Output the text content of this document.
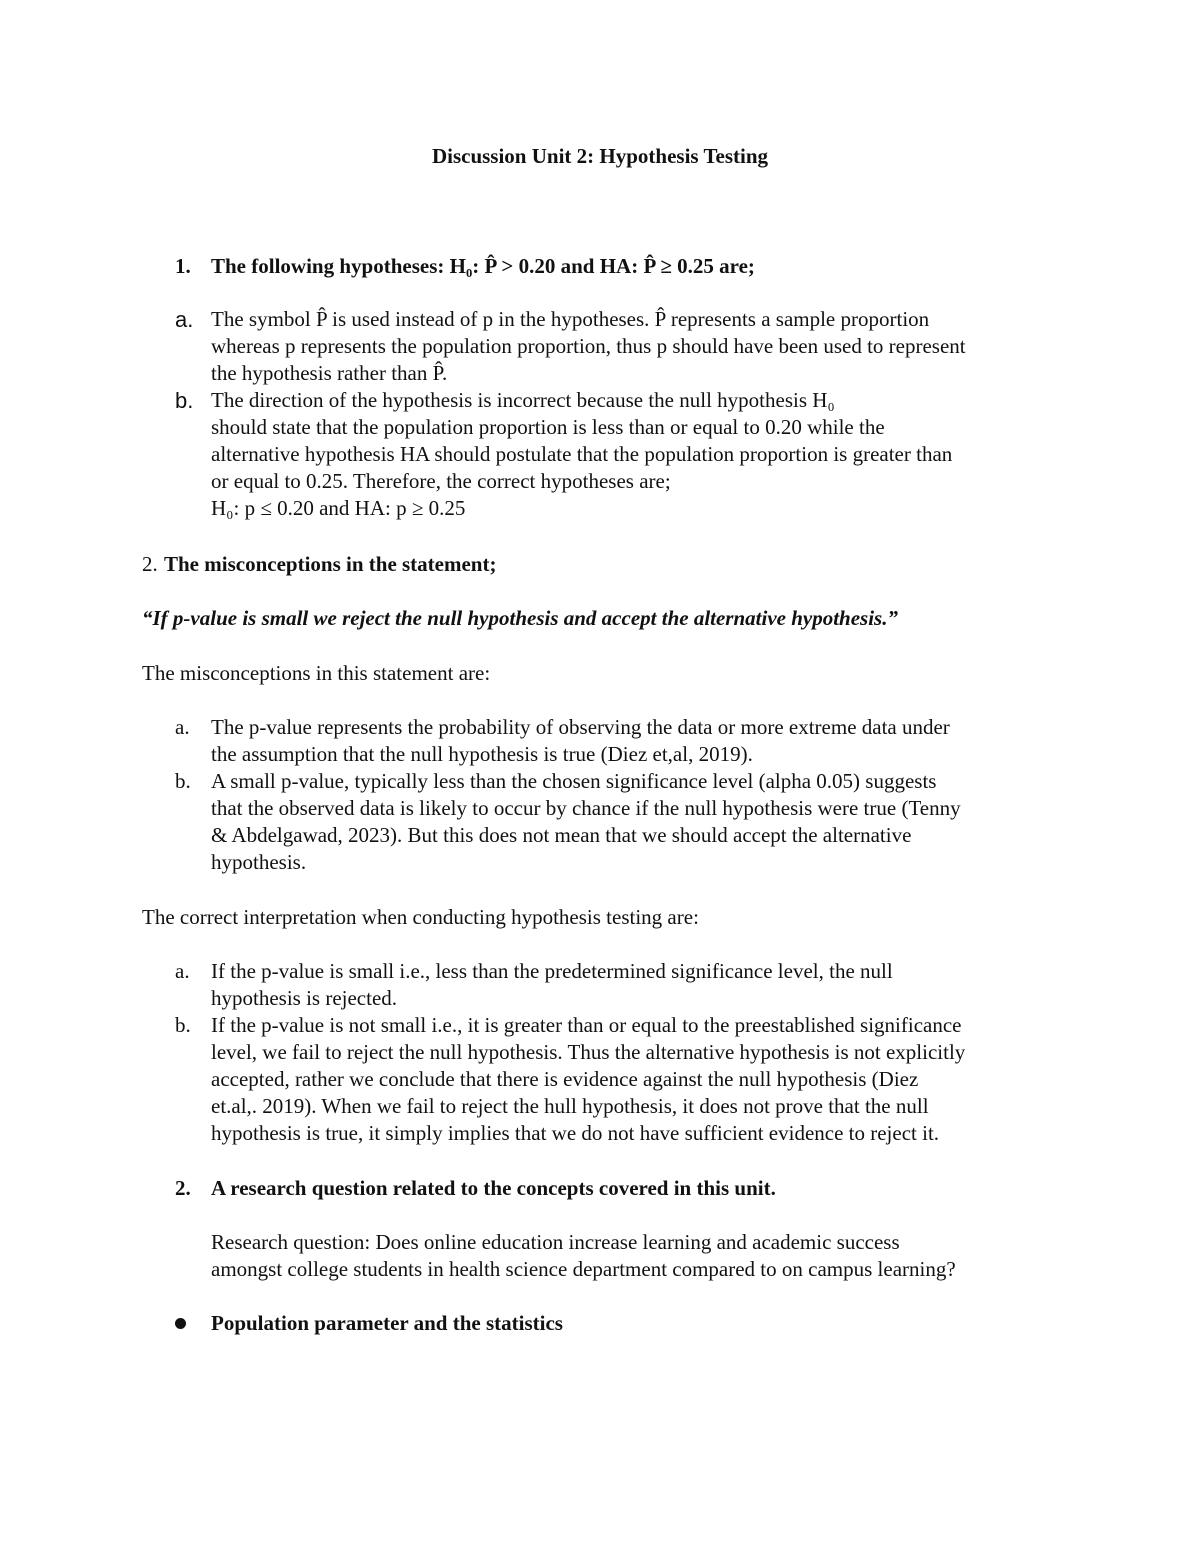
Discussion Unit 2: Hypothesis Testing
1. The following hypotheses: H₀: P̂ > 0.20 and HA: P̂ ≥ 0.25 are;
a. The symbol P̂ is used instead of p in the hypotheses. P̂ represents a sample proportion
whereas p represents the population proportion, thus p should have been used to represent
the hypothesis rather than P̂.
b. The direction of the hypothesis is incorrect because the null hypothesis H₀
should state that the population proportion is less than or equal to 0.20 while the
alternative hypothesis HA should postulate that the population proportion is greater than
or equal to 0.25. Therefore, the correct hypotheses are;
H₀: p ≤ 0.20 and HA: p ≥ 0.25
2. The misconceptions in the statement;
“If p-value is small we reject the null hypothesis and accept the alternative hypothesis.”
The misconceptions in this statement are:
a. The p-value represents the probability of observing the data or more extreme data under
the assumption that the null hypothesis is true (Diez et,al, 2019).
b. A small p-value, typically less than the chosen significance level (alpha 0.05) suggests
that the observed data is likely to occur by chance if the null hypothesis were true (Tenny
& Abdelgawad, 2023). But this does not mean that we should accept the alternative
hypothesis.
The correct interpretation when conducting hypothesis testing are:
a. If the p-value is small i.e., less than the predetermined significance level, the null
hypothesis is rejected.
b. If the p-value is not small i.e., it is greater than or equal to the preestablished significance
level, we fail to reject the null hypothesis. Thus the alternative hypothesis is not explicitly
accepted, rather we conclude that there is evidence against the null hypothesis (Diez
et.al,. 2019). When we fail to reject the hull hypothesis, it does not prove that the null
hypothesis is true, it simply implies that we do not have sufficient evidence to reject it.
2. A research question related to the concepts covered in this unit.
Research question: Does online education increase learning and academic success
amongst college students in health science department compared to on campus learning?
Population parameter and the statistics
